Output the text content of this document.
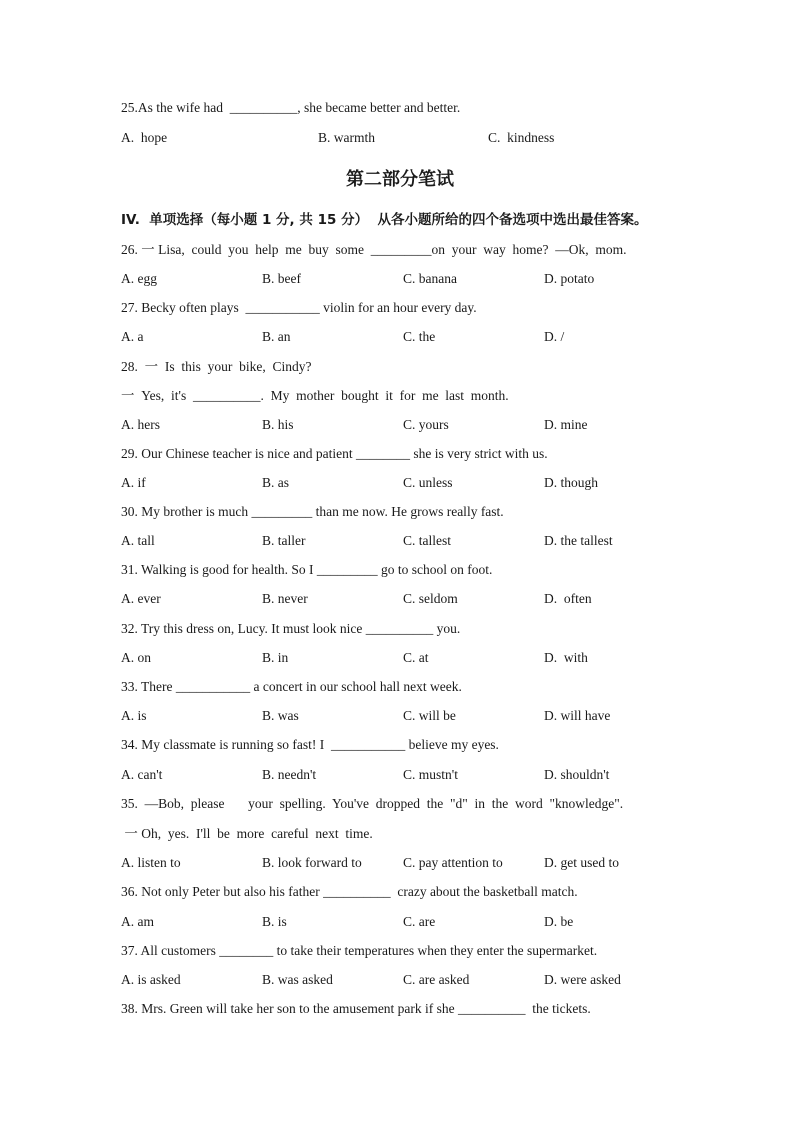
25.As the wife had  __________, she became better and better.
A.  hope	B. warmth	C.  kindness
第二部分笔试
IV.  单项选择（每小题 1 分, 共 15 分）  从各小题所给的四个备选项中选出最佳答案。
26. 一 Lisa,  could  you  help  me  buy  some  _________on  your  way  home?  —Ok,  mom.
A. egg	B. beef	C. banana	D. potato
27. Becky often plays  ___________ violin for an hour every day.
A. a	B. an	C. the	D. /
28.  一  Is  this  your  bike,  Cindy?
一  Yes,  it's  __________.  My  mother  bought  it  for  me  last  month.
A. hers	B. his	C. yours	D. mine
29. Our Chinese teacher is nice and patient ________ she is very strict with us.
A. if	B. as	C. unless	D. though
30. My brother is much _________ than me now. He grows really fast.
A. tall	B. taller	C. tallest	D. the tallest
31. Walking is good for health. So I _________ go to school on foot.
A. ever	B. never	C. seldom	D.  often
32. Try this dress on, Lucy. It must look nice __________ you.
A. on	B. in	C. at	D.  with
33. There ___________ a concert in our school hall next week.
A. is	B. was	C. will be	D. will have
34. My classmate is running so fast! I  ___________ believe my eyes.
A. can't	B. needn't	C. mustn't	D. shouldn't
35.  —Bob,  please       your  spelling.  You've  dropped  the  "d"  in  the  word  "knowledge".
一 Oh,  yes.  I'll  be  more  careful  next  time.
A. listen to	B. look forward to	C. pay attention to	D. get used to
36. Not only Peter but also his father __________  crazy about the basketball match.
A. am	B. is	C. are	D. be
37. All customers ________ to take their temperatures when they enter the supermarket.
A. is asked	B. was asked	C. are asked	D. were asked
38. Mrs. Green will take her son to the amusement park if she __________  the tickets.
